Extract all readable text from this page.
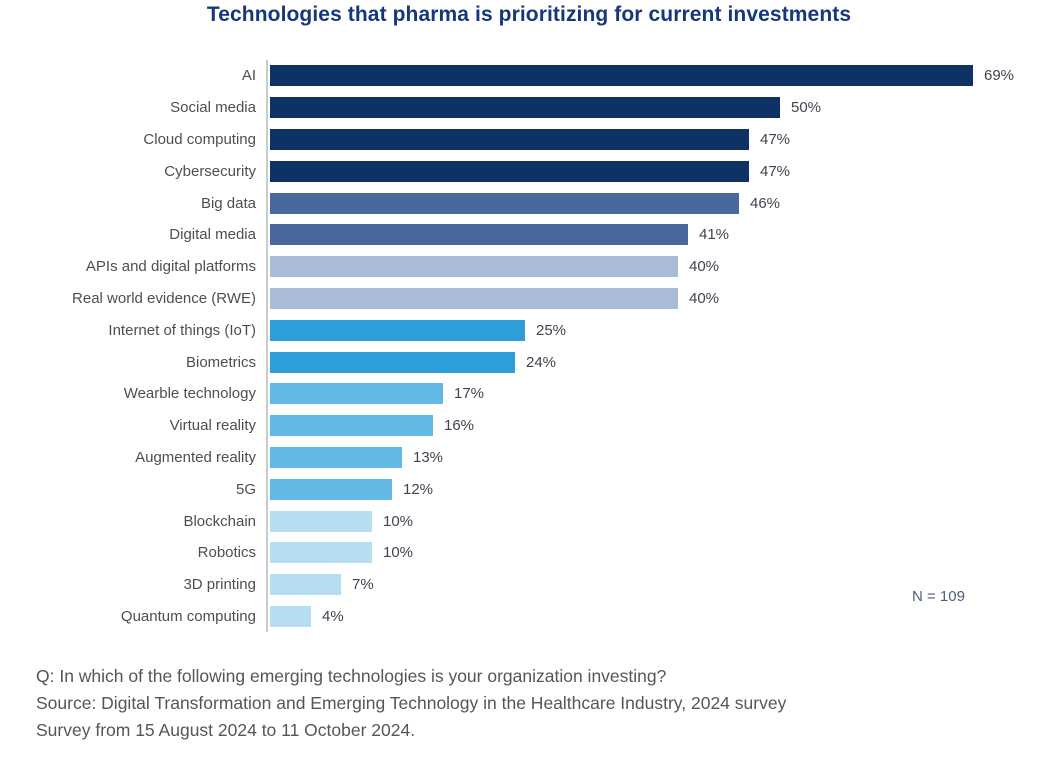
Technologies that pharma is prioritizing for current investments
AI	69%
Social media	50%
Cloud computing	47%
Cybersecurity	47%
Big data	46%
Digital media	41%
APIs and digital platforms	40%
Real world evidence (RWE)	40%
Internet of things (IoT)	25%
Biometrics	24%
Wearble technology	17%
Virtual reality	16%
Augmented reality	13%
5G	12%
Blockchain	10%
Robotics	10%
3D printing	7%
Quantum computing	4%
N = 109
Q: In which of the following emerging technologies is your organization investing?
Source: Digital Transformation and Emerging Technology in the Healthcare Industry, 2024 survey
Survey from 15 August 2024 to 11 October 2024.
